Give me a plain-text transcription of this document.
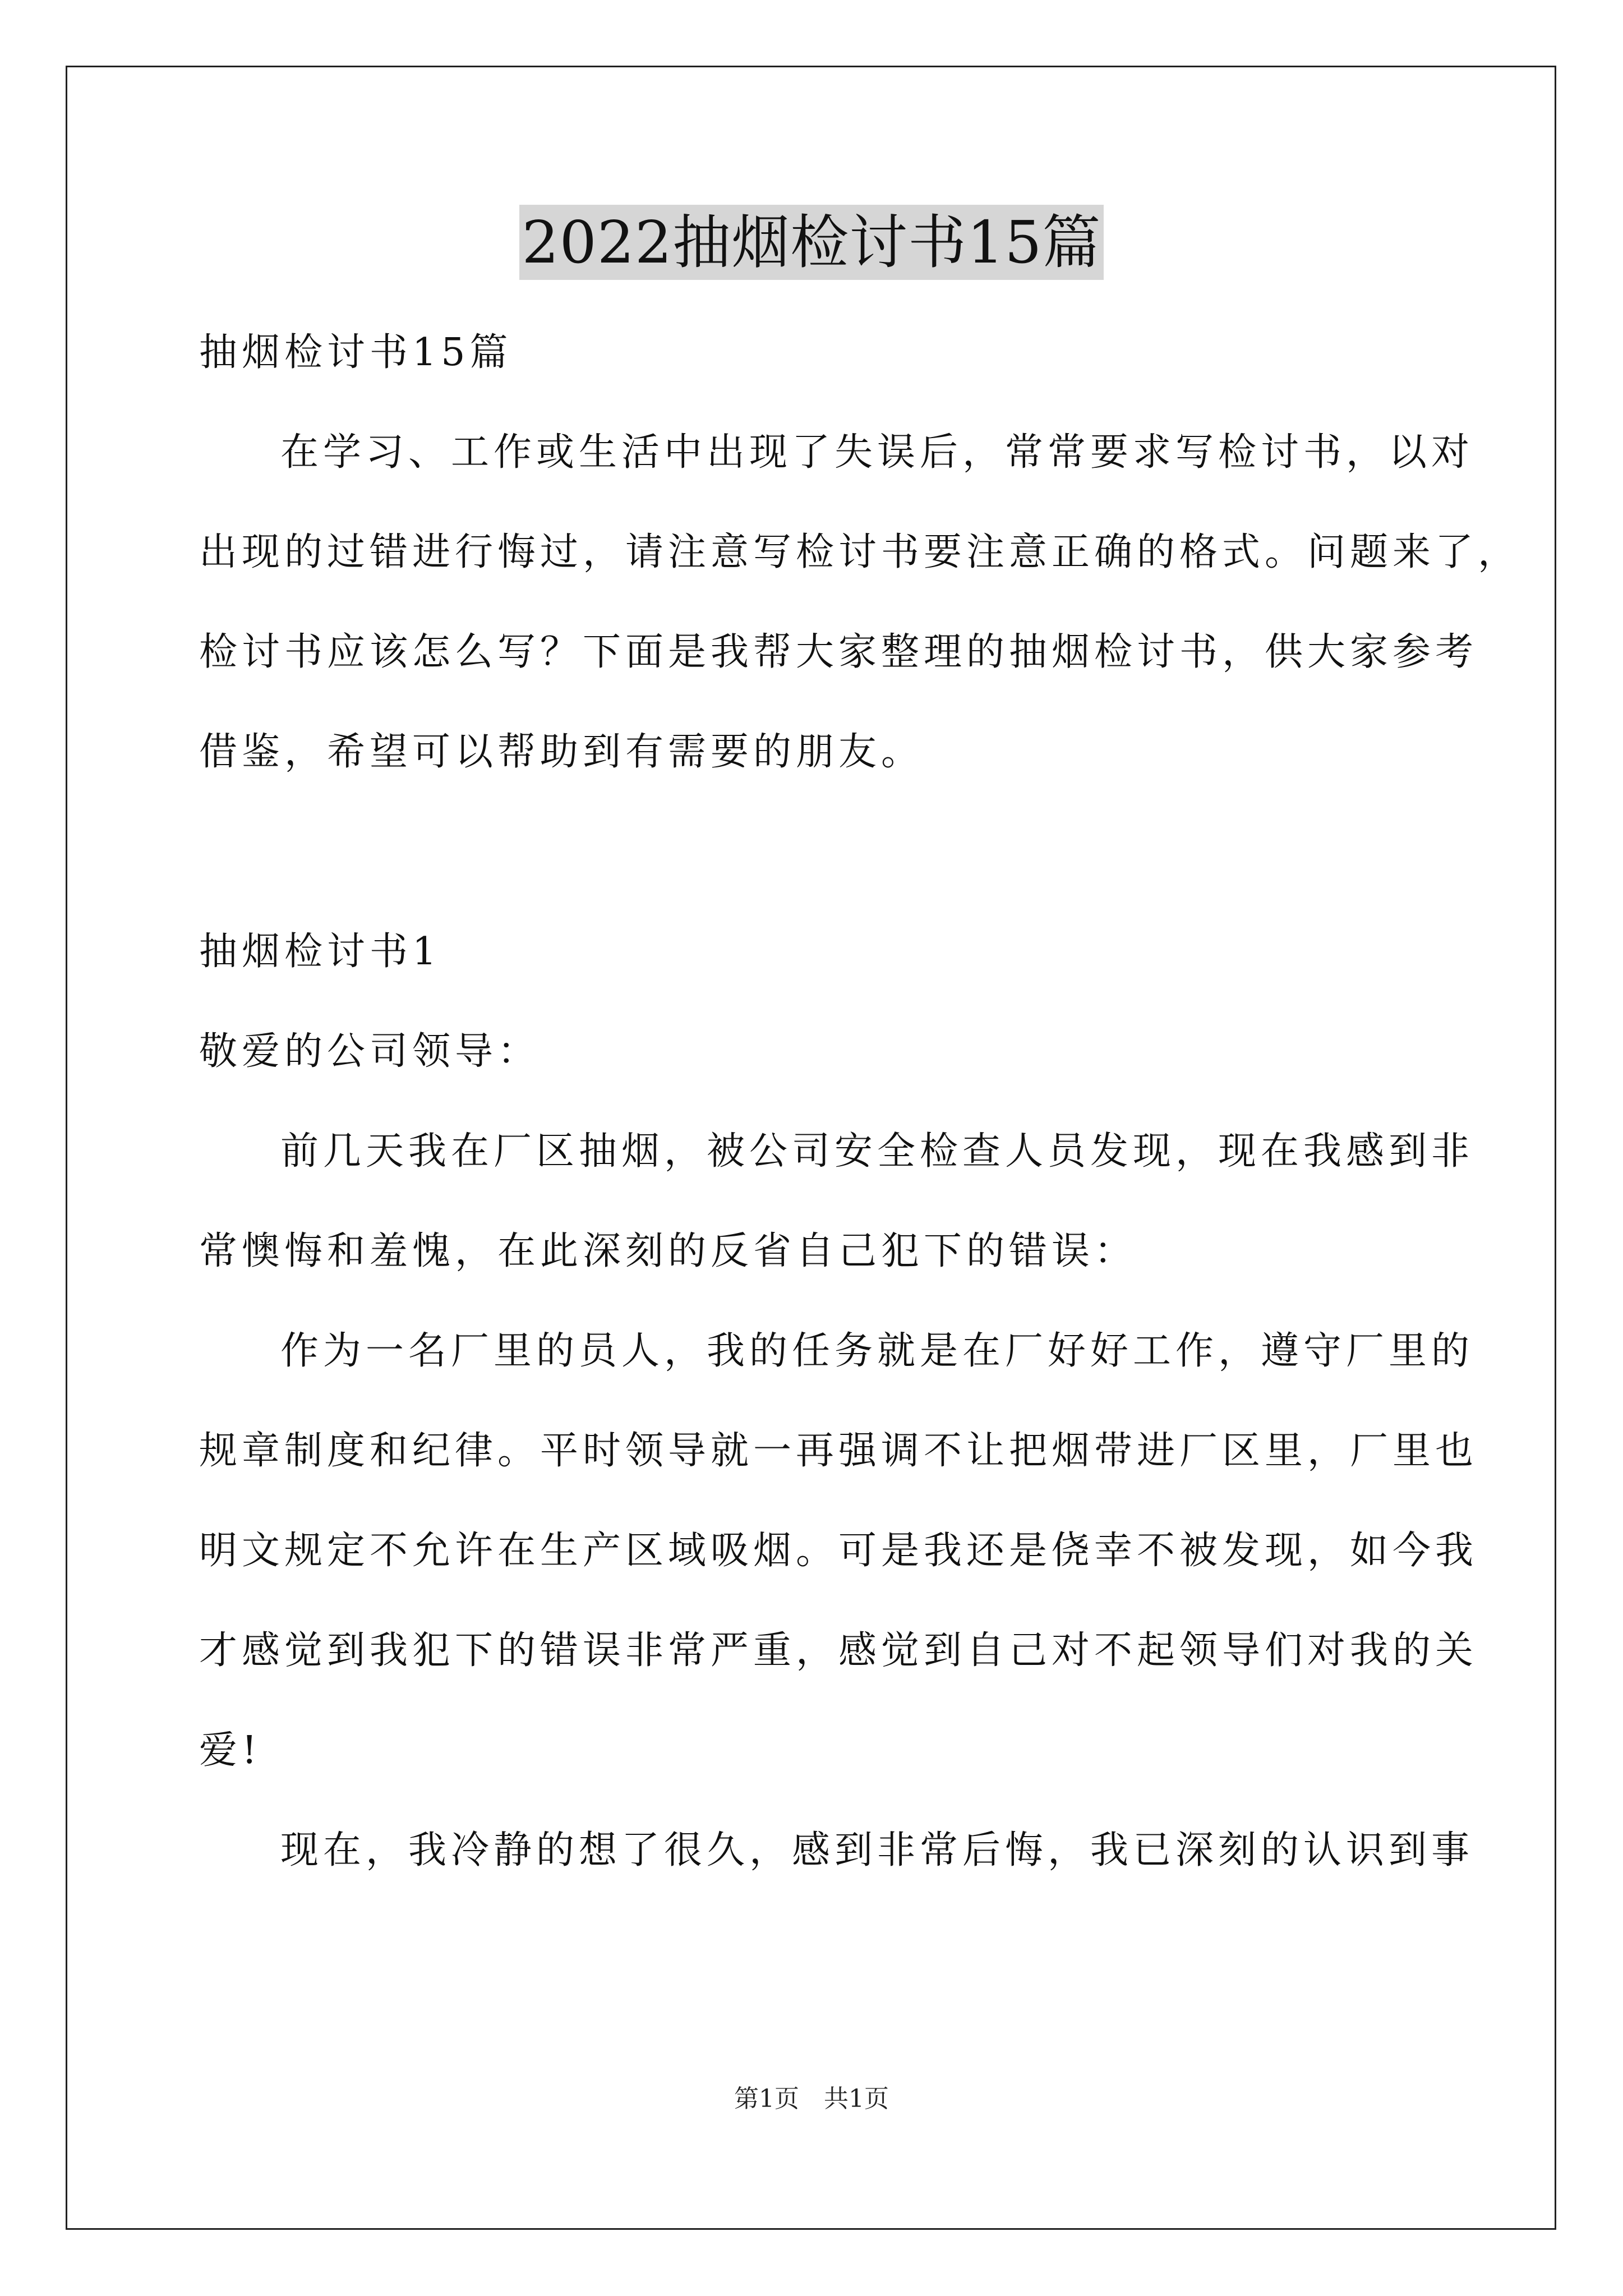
2022抽烟检讨书15篇
抽烟检讨书15篇
在学习、工作或生活中出现了失误后，常常要求写检讨书，以对
出现的过错进行悔过，请注意写检讨书要注意正确的格式。问题来了，
检讨书应该怎么写？下面是我帮大家整理的抽烟检讨书，供大家参考
借鉴，希望可以帮助到有需要的朋友。
抽烟检讨书1
敬爱的公司领导：
前几天我在厂区抽烟，被公司安全检查人员发现，现在我感到非
常懊悔和羞愧，在此深刻的反省自己犯下的错误：
作为一名厂里的员人，我的任务就是在厂好好工作，遵守厂里的
规章制度和纪律。平时领导就一再强调不让把烟带进厂区里，厂里也
明文规定不允许在生产区域吸烟。可是我还是侥幸不被发现，如今我
才感觉到我犯下的错误非常严重，感觉到自己对不起领导们对我的关
爱!
现在，我冷静的想了很久，感到非常后悔，我已深刻的认识到事
第1页　共1页
